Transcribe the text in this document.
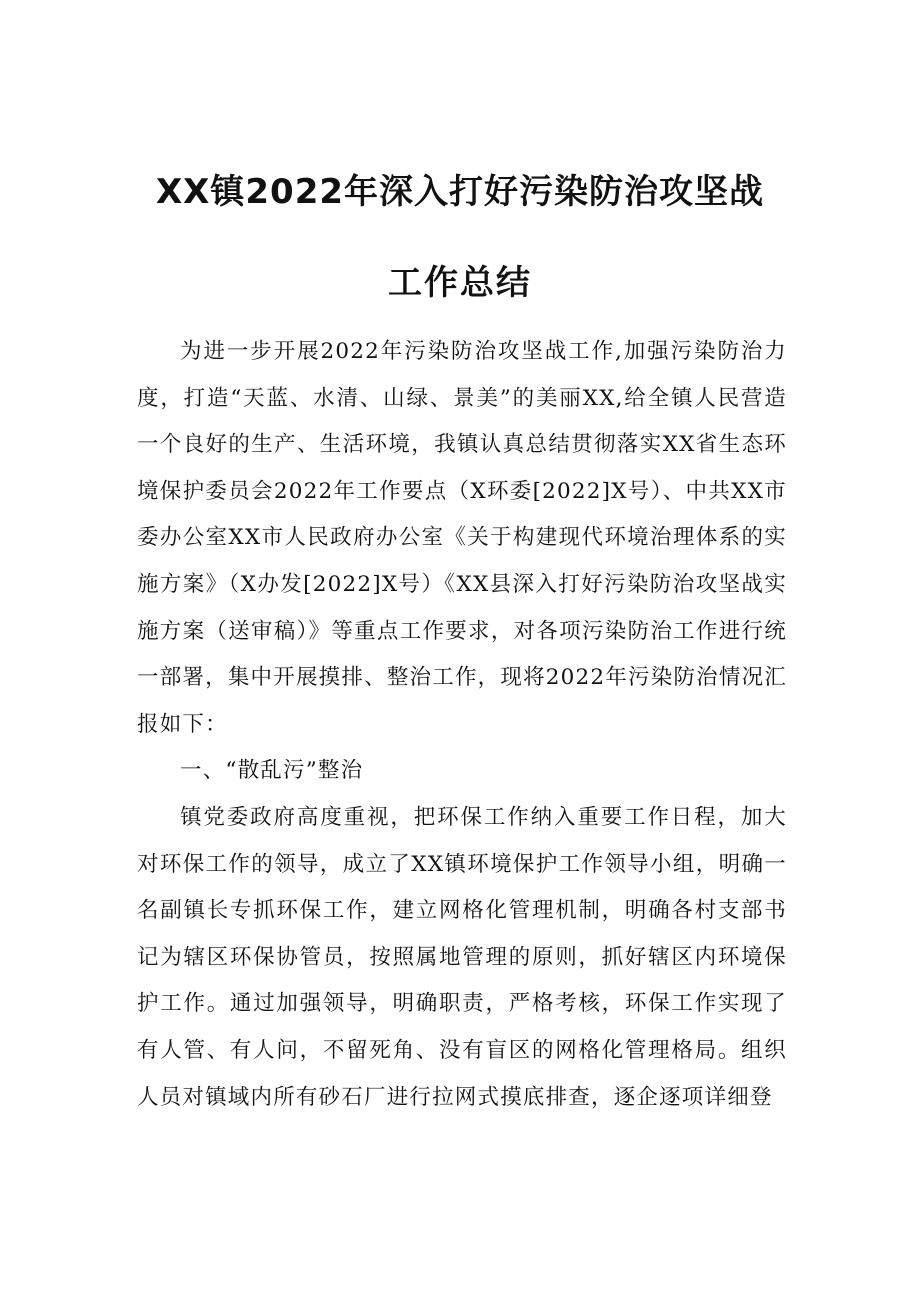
XX镇2022年深入打好污染防治攻坚战
工作总结

为进一步开展2022年污染防治攻坚战工作,加强污染防治力度，打造“天蓝、水清、山绿、景美”的美丽XX,给全镇人民营造一个良好的生产、生活环境，我镇认真总结贯彻落实XX省生态环境保护委员会2022年工作要点（X环委[2022]X号）、中共XX市委办公室XX市人民政府办公室《关于构建现代环境治理体系的实施方案》（X办发[2022]X号）《XX县深入打好污染防治攻坚战实施方案（送审稿）》等重点工作要求，对各项污染防治工作进行统一部署，集中开展摸排、整治工作，现将2022年污染防治情况汇报如下：

一、“散乱污”整治

镇党委政府高度重视，把环保工作纳入重要工作日程，加大对环保工作的领导，成立了XX镇环境保护工作领导小组，明确一名副镇长专抓环保工作，建立网格化管理机制，明确各村支部书记为辖区环保协管员，按照属地管理的原则，抓好辖区内环境保护工作。通过加强领导，明确职责，严格考核，环保工作实现了有人管、有人问，不留死角、没有盲区的网格化管理格局。组织人员对镇域内所有砂石厂进行拉网式摸底排查，逐企逐项详细登
